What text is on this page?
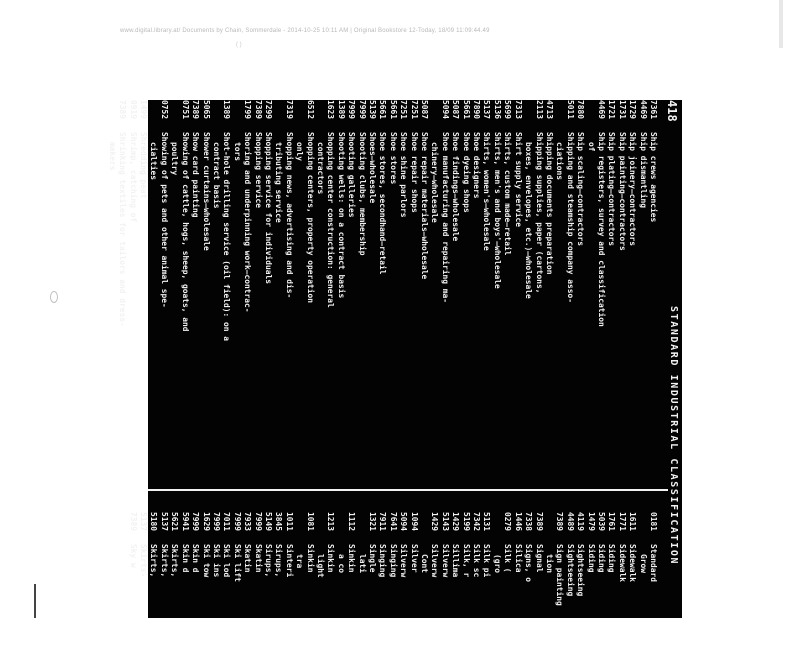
www.digital.library.at/ Documents by Chain, Sommerdale - 2014-10-25 10:11 AM | Original Bookstore 12-Today, 18/09 11:09:44.49
( )
418
STANDARD INDUSTRIAL CLASSIFICATION
7361Ship crews agencies
4469Ship dismantling
1729Ship joinery—contractors
1731Ship painting—contractors
1721Ship plating—contractors
4469Ship registers, survey and classification
of
7880Ship scaling—contractors
5011Shipping and steamship company asso-
ciations
4713Shipping documents preparation
2113Shipping supplies, paper (cartons,
boxes, envelopes, etc.)—wholesale
7313Shirt supply service
5699Shirts, custom made—retail
5136Shirts, men's and boys'—wholesale
5137Shirts, women's—wholesale
7890Shoe designers
5661Shoe dyeing shops
5087Shoe findings—wholesale
5094Shoe manufacturing and repairing ma-
chinery—wholesale
5087Shoe repair materials—wholesale
7251Shoe repair shops
7251Shoe shine parlors
5661Shoe stores
5661Shoe stores, secondhand—retail
5139Shoes—wholesale
7999Shooting clubs, membership
7999Shooting galleries
1389Shooting wells: on a contract basis
1623Shopping center construction: general
contractors
6512Shopping centers, property operation
only
7319Shopping news, advertising and dis-
tributing service
7299Shopping service for individuals
7389Shopping service
1799Shoring and underpinning work—contrac-
tors
1389Shot-hole drilling service (oil field): on a
contract basis
5065Shower curtains—wholesale
7389Show card painting
0751Showing of cattle, hogs, sheep, goats, and
poultry
0752Showing of pets and other animal spe-
cialties
1499Shredding peat
0919Shrimp, catching of
7389Shrinking textiles for tailors and dress-
makers
0181Standard
Grow
1611Sidewalk
1771Sidewalk
1761Siding
5039Siding
1479Siding
4119Sightseeing
4489Sightseeing
7389Sign painting
tion
7389Signal
7338Signs, o
1446Silica
0279Silk (
(gro
5131Silk pi
7342Silk sc
5199Silk, r
1429Sillima
5143Silverw
1429Silverw
Cont
1094Silver
5094Silverw
7641Singing
7911Singing
1321Single
lati
1112Sinkin
a co
1213Sinkin
light
1081Sinkin
tra
1011Sinteri
3845Sirups,
5149Sirups,
7999Skatin
7933Skatin
7999Ski lift
7011Ski lod
7999Ski ins
1629Ski tow
7999Skin d
5941Skin d
5621Skirts,
5137Skirts,
5180Skirts,
5137Skirts-
7389Sky w
